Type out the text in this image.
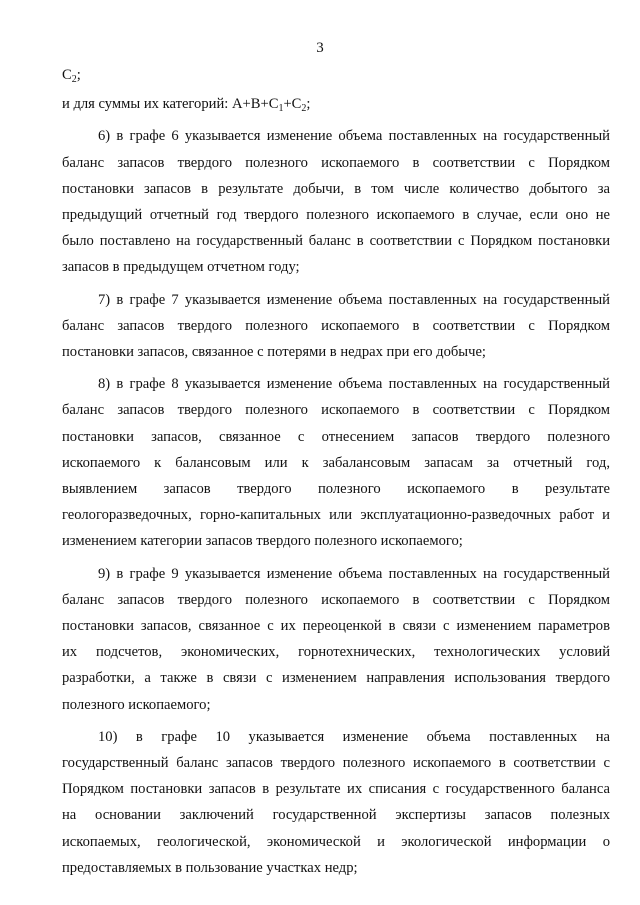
3
$C_2$;
и для суммы их категорий: $А+В+С_1+С_2$;
6) в графе 6 указывается изменение объема поставленных на государственный
баланс запасов твердого полезного ископаемого в соответствии с Порядком
постановки запасов в результате добычи, в том числе количество добытого за
предыдущий отчетный год твердого полезного ископаемого в случае, если оно не
было поставлено на государственный баланс в соответствии с Порядком постановки
запасов в предыдущем отчетном году;
7) в графе 7 указывается изменение объема поставленных на государственный
баланс запасов твердого полезного ископаемого в соответствии с Порядком
постановки запасов, связанное с потерями в недрах при его добыче;
8) в графе 8 указывается изменение объема поставленных на государственный
баланс запасов твердого полезного ископаемого в соответствии с Порядком
постановки запасов, связанное с отнесением запасов твердого полезного
ископаемого к балансовым или к забалансовым запасам за отчетный год,
выявлением запасов твердого полезного ископаемого в результате
геологоразведочных, горно-капитальных или эксплуатационно-разведочных работ и
изменением категории запасов твердого полезного ископаемого;
9) в графе 9 указывается изменение объема поставленных на государственный
баланс запасов твердого полезного ископаемого в соответствии с Порядком
постановки запасов, связанное с их переоценкой в связи с изменением параметров
их подсчетов, экономических, горнотехнических, технологических условий
разработки, а также в связи с изменением направления использования твердого
полезного ископаемого;
10) в графе 10 указывается изменение объема поставленных на
государственный баланс запасов твердого полезного ископаемого в соответствии с
Порядком постановки запасов в результате их списания с государственного баланса
на основании заключений государственной экспертизы запасов полезных
ископаемых, геологической, экономической и экологической информации о
предоставляемых в пользование участках недр;
